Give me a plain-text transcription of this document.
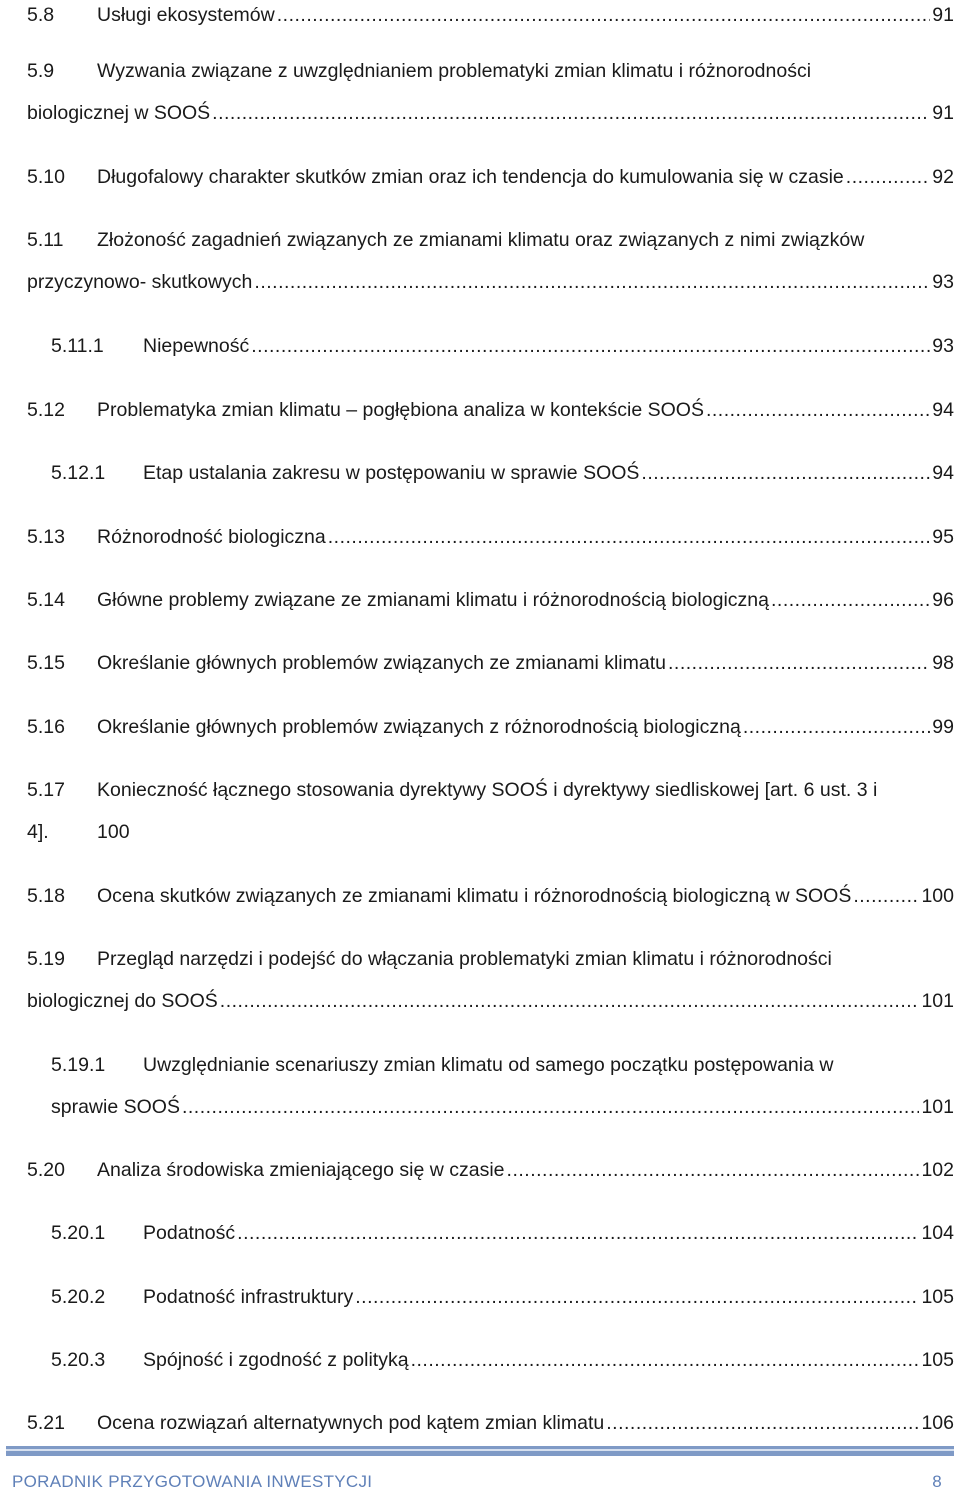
5.8	Usługi ekosystemów .....	91
5.9	Wyzwania związane z uwzględnianiem problematyki zmian klimatu i różnorodności
biologicznej w SOOŚ .....	91
5.10	Długofalowy charakter skutków zmian oraz ich tendencja do kumulowania się w czasie .....	92
5.11	Złożoność zagadnień związanych ze zmianami klimatu oraz związanych z nimi związków
przyczynowo- skutkowych .....	93
5.11.1	Niepewność .....	93
5.12	Problematyka zmian klimatu – pogłębiona analiza w kontekście SOOŚ .....	94
5.12.1	Etap ustalania zakresu w postępowaniu w sprawie SOOŚ .....	94
5.13	Różnorodność biologiczna .....	95
5.14	Główne problemy związane ze zmianami klimatu i różnorodnością biologiczną .....	96
5.15	Określanie głównych problemów związanych ze zmianami klimatu .....	98
5.16	Określanie głównych problemów związanych z różnorodnością biologiczną .....	99
5.17	Konieczność łącznego stosowania dyrektywy SOOŚ i dyrektywy siedliskowej [art. 6 ust. 3 i
4].	100
5.18	Ocena skutków związanych ze zmianami klimatu i różnorodnością biologiczną w SOOŚ .....	100
5.19	Przegląd narzędzi i podejść do włączania problematyki zmian klimatu i różnorodności
biologicznej do SOOŚ .....	101
5.19.1	Uwzględnianie scenariuszy zmian klimatu od samego początku postępowania w
sprawie SOOŚ .....	101
5.20	Analiza środowiska zmieniającego się w czasie .....	102
5.20.1	Podatność .....	104
5.20.2	Podatność infrastruktury .....	105
5.20.3	Spójność i zgodność z polityką .....	105
5.21	Ocena rozwiązań alternatywnych pod kątem zmian klimatu .....	106
PORADNIK PRZYGOTOWANIA INWESTYCJI	8
